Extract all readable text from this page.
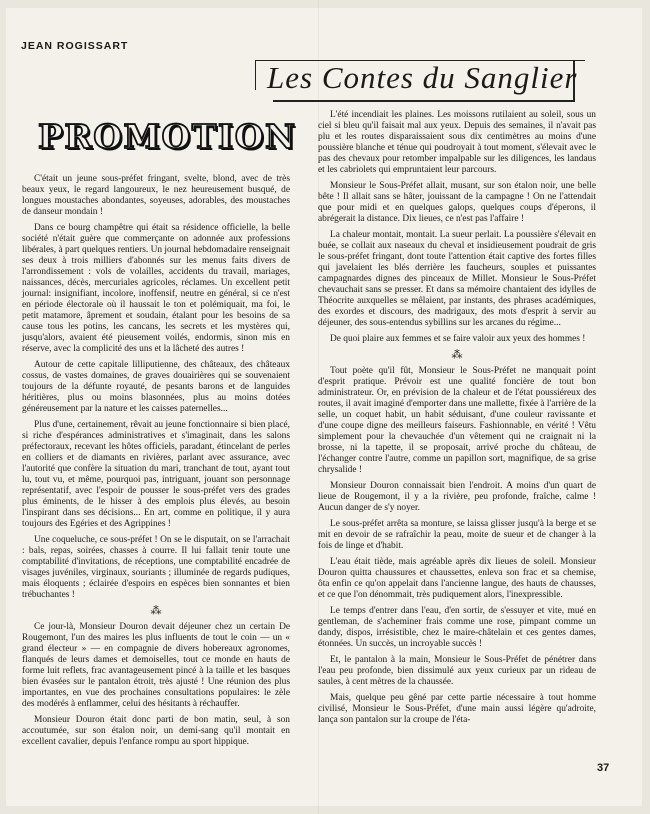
JEAN ROGISSART
Les Contes du Sanglier
PROMOTION

C'était un jeune sous-préfet fringant, svelte, blond, avec de très beaux yeux, le regard langoureux, le nez heureusement busqué, de longues moustaches abondantes, soyeuses, adorables, des moustaches de danseur mondain !

Dans ce bourg champêtre qui était sa résidence officielle, la belle société n'était guère que commerçante on adonnée aux professions libérales, à part quelques rentiers. Un journal hebdomadaire renseignait ses deux à trois milliers d'abonnés sur les menus faits divers de l'arrondissement : vols de volailles, accidents du travail, mariages, naissances, décès, mercuriales agricoles, réclames. Un excellent petit journal: insignifiant, incolore, inoffensif, neutre en général, si ce n'est en période électorale où il haussait le ton et polémiquait, ma foi, le petit matamore, âprement et soudain, étalant pour les besoins de sa cause tous les potins, les cancans, les secrets et les mystères qui, jusqu'alors, avaient été pieusement voilés, endormis, sinon mis en réserve, avec la complicité des uns et la lâcheté des autres !

Autour de cette capitale lilliputienne, des châteaux, des châteaux cossus, de vastes domaines, de graves douairières qui se souvenaient toujours de la défunte royauté, de pesants barons et de languides héritières, plus ou moins blasonnées, plus au moins dotées généreusement par la nature et les caisses paternelles...

Plus d'une, certainement, rêvait au jeune fonctionnaire si bien placé, si riche d'espérances administratives et s'imaginait, dans les salons préfectoraux, recevant les hôtes officiels, paradant, étincelant de perles en colliers et de diamants en rivières, parlant avec assurance, avec l'autorité que confère la situation du mari, tranchant de tout, ayant tout lu, tout vu, et même, pourquoi pas, intriguant, jouant son personnage représentatif, avec l'espoir de pousser le sous-préfet vers des grades plus éminents, de le hisser à des emplois plus élevés, au besoin l'inspirant dans ses décisions... En art, comme en politique, il y aura toujours des Egéries et des Agrippines !

Une coqueluche, ce sous-préfet ! On se le disputait, on se l'arrachait : bals, repas, soirées, chasses à courre. Il lui fallait tenir toute une comptabilité d'invitations, de réceptions, une comptabilité encadrée de visages juvéniles, virginaux, souriants ; illuminée de regards pudiques, mais éloquents ; éclairée d'espoirs en espèces bien sonnantes et bien trébuchantes !

⁂

Ce jour-là, Monsieur Douron devait déjeuner chez un certain De Rougemont, l'un des maires les plus influents de tout le coin — un « grand électeur » — en compagnie de divers hobereaux agronomes, flanqués de leurs dames et demoiselles, tout ce monde en hauts de forme luit reflets, frac avantageusement pincé à la taille et les basques bien évasées sur le pantalon étroit, très ajusté ! Une réunion des plus importantes, en vue des prochaines consultations populaires: le zèle des modérés à enflammer, celui des hésitants à réchauffer.

Monsieur Douron était donc parti de bon matin, seul, à son accoutumée, sur son étalon noir, un demi-sang qu'il montait en excellent cavalier, depuis l'enfance rompu au sport hippique.

L'été incendiait les plaines. Les moissons rutilaient au soleil, sous un ciel si bleu qu'il faisait mal aux yeux. Depuis des semaines, il n'avait pas plu et les routes disparaissaient sous dix centimètres au moins d'une poussière blanche et ténue qui poudroyait à tout moment, s'élevait avec le pas des chevaux pour retomber impalpable sur les diligences, les landaus et les cabriolets qui empruntaient leur parcours.

Monsieur le Sous-Préfet allait, musant, sur son étalon noir, une belle bête ! Il allait sans se hâter, jouissant de la campagne ! On ne l'attendait que pour midi et en quelques galops, quelques coups d'éperons, il abrégerait la distance. Dix lieues, ce n'est pas l'affaire !

La chaleur montait, montait. La sueur perlait. La poussière s'élevait en buée, se collait aux naseaux du cheval et insidieusement poudrait de gris le sous-préfet fringant, dont toute l'attention était captive des fortes filles qui javelaient les blés derrière les faucheurs, souples et puissantes campagnardes dignes des pinceaux de Millet. Monsieur le Sous-Préfet chevauchait sans se presser. Et dans sa mémoire chantaient des idylles de Théocrite auxquelles se mêlaient, par instants, des phrases académiques, des exordes et discours, des madrigaux, des mots d'esprit à servir au déjeuner, des sous-entendus sybillins sur les arcanes du régime...

De quoi plaire aux femmes et se faire valoir aux yeux des hommes !

⁂

Tout poète qu'il fût, Monsieur le Sous-Préfet ne manquait point d'esprit pratique. Prévoir est une qualité foncière de tout bon administrateur. Or, en prévision de la chaleur et de l'état poussiéreux des routes, il avait imaginé d'emporter dans une mallette, fixée à l'arrière de la selle, un coquet habit, un habit séduisant, d'une couleur ravissante et d'une coupe digne des meilleurs faiseurs. Fashionnable, en vérité ! Vêtu simplement pour la chevauchée d'un vêtement qui ne craignait ni la brosse, ni la tapette, il se proposait, arrivé proche du château, de l'échanger contre l'autre, comme un papillon sort, magnifique, de sa grise chrysalide !

Monsieur Douron connaissait bien l'endroit. A moins d'un quart de lieue de Rougemont, il y a la rivière, peu profonde, fraîche, calme ! Aucun danger de s'y noyer.

Le sous-préfet arrêta sa monture, se laissa glisser jusqu'à la berge et se mit en devoir de se rafraîchir la peau, moite de sueur et de changer à la fois de linge et d'habit.

L'eau était tiède, mais agréable après dix lieues de soleil. Monsieur Douron quitta chaussures et chaussettes, enleva son frac et sa chemise, ôta enfin ce qu'on appelait dans l'ancienne langue, des hauts de chausses, et ce que l'on dénommait, très pudiquement alors, l'inexpressible.

Le temps d'entrer dans l'eau, d'en sortir, de s'essuyer et vite, mué en gentleman, de s'acheminer frais comme une rose, pimpant comme un dandy, dispos, irrésistible, chez le maire-châtelain et ces gentes dames, étonnées. Un succès, un incroyable succès !

Et, le pantalon à la main, Monsieur le Sous-Préfet de pénétrer dans l'eau peu profonde, bien dissimulé aux yeux curieux par un rideau de saules, à cent mètres de la chaussée.

Mais, quelque peu gêné par cette partie nécessaire à tout homme civilisé, Monsieur le Sous-Préfet, d'une main aussi légère qu'adroite, lança son pantalon sur la croupe de l'éta-

37
